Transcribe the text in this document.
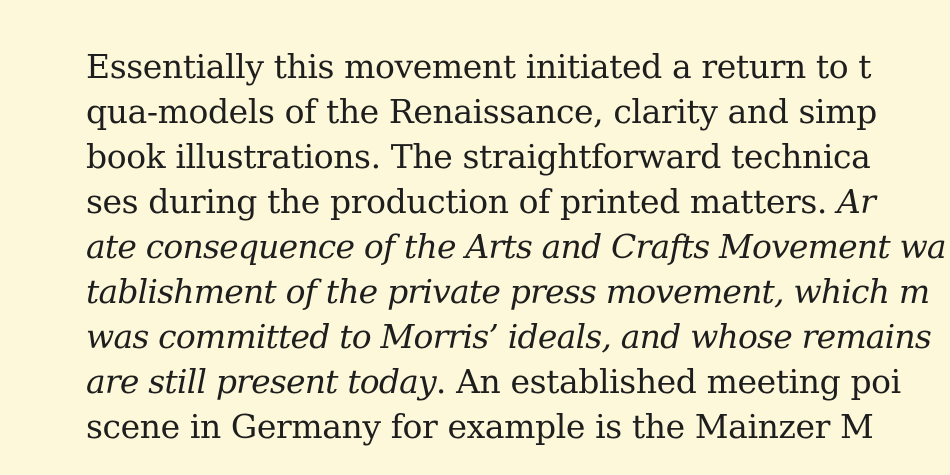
Essentially this movement initiated a return to t
qua-models of the Renaissance, clarity and simp
book illustrations. The straightforward technica
ses during the production of printed matters. Ar
ate consequence of the Arts and Crafts Movement wa
tablishment of the private press movement, which m
was committed to Morris’ ideals, and whose remains
are still present today. An established meeting poi
scene in Germany for example is the Mainzer M
